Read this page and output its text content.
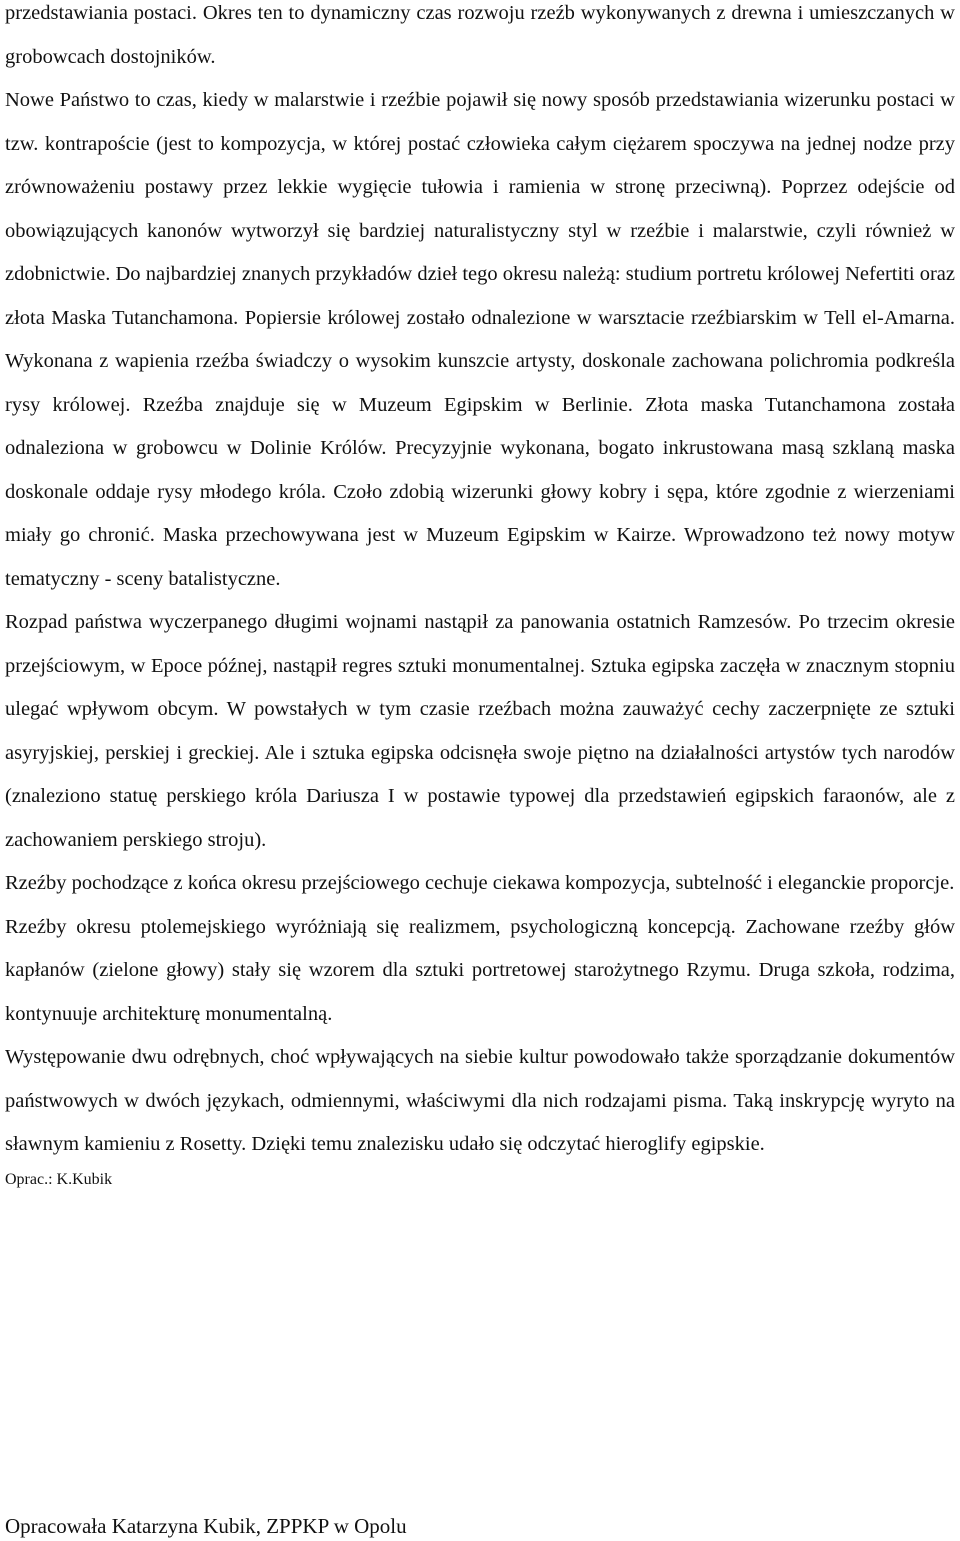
przedstawiania postaci. Okres ten to dynamiczny czas rozwoju rzeźb wykonywanych z drewna i umieszczanych w grobowcach dostojników.

Nowe Państwo to czas, kiedy w malarstwie i rzeźbie pojawił się nowy sposób przedstawiania wizerunku postaci w tzw. kontrapoście (jest to kompozycja, w której postać człowieka całym ciężarem spoczywa na jednej nodze przy zrównoważeniu postawy przez lekkie wygięcie tułowia i ramienia w stronę przeciwną). Poprzez odejście od obowiązujących kanonów wytworzył się bardziej naturalistyczny styl w rzeźbie i malarstwie, czyli również w zdobnictwie. Do najbardziej znanych przykładów dzieł tego okresu należą: studium portretu królowej Nefertiti oraz złota Maska Tutanchamona. Popiersie królowej zostało odnalezione w warsztacie rzeźbiarskim w Tell el-Amarna. Wykonana z wapienia rzeźba świadczy o wysokim kunszcie artysty, doskonale zachowana polichromia podkreśla rysy królowej. Rzeźba znajduje się w Muzeum Egipskim w Berlinie. Złota maska Tutanchamona została odnaleziona w grobowcu w Dolinie Królów. Precyzyjnie wykonana, bogato inkrustowana masą szklaną maska doskonale oddaje rysy młodego króla. Czoło zdobią wizerunki głowy kobry i sępa, które zgodnie z wierzeniami miały go chronić. Maska przechowywana jest w Muzeum Egipskim w Kairze. Wprowadzono też nowy motyw tematyczny - sceny batalistyczne.

Rozpad państwa wyczerpanego długimi wojnami nastąpił za panowania ostatnich Ramzesów. Po trzecim okresie przejściowym, w Epoce późnej, nastąpił regres sztuki monumentalnej. Sztuka egipska zaczęła w znacznym stopniu ulegać wpływom obcym. W powstałych w tym czasie rzeźbach można zauważyć cechy zaczerpnięte ze sztuki asyryjskiej, perskiej i greckiej. Ale i sztuka egipska odcisnęła swoje piętno na działalności artystów tych narodów (znaleziono statuę perskiego króla Dariusza I w postawie typowej dla przedstawień egipskich faraonów, ale z zachowaniem perskiego stroju).

Rzeźby pochodzące z końca okresu przejściowego cechuje ciekawa kompozycja, subtelność i eleganckie proporcje.

Rzeźby okresu ptolemejskiego wyróżniają się realizmem, psychologiczną koncepcją. Zachowane rzeźby głów kapłanów (zielone głowy) stały się wzorem dla sztuki portretowej starożytnego Rzymu. Druga szkoła, rodzima, kontynuuje architekturę monumentalną.

Występowanie dwu odrębnych, choć wpływających na siebie kultur powodowało także sporządzanie dokumentów państwowych w dwóch językach, odmiennymi, właściwymi dla nich rodzajami pisma. Taką inskrypcję wyryto na sławnym kamieniu z Rosetty. Dzięki temu znalezisku udało się odczytać hieroglify egipskie.

Oprac.: K.Kubik

Opracowała Katarzyna Kubik, ZPPKP w Opolu
